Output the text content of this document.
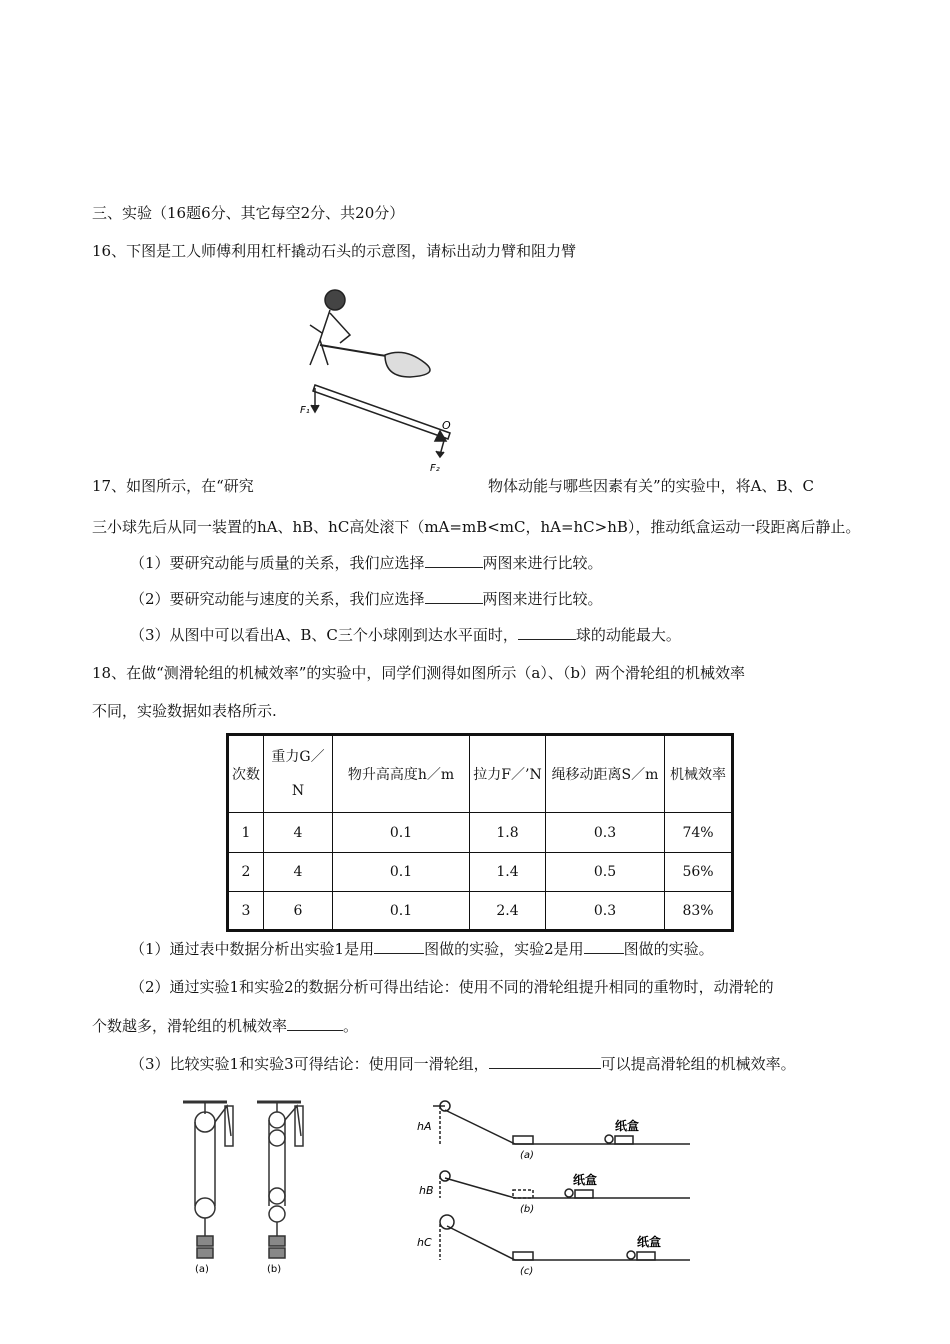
三、实验（16题6分、其它每空2分、共20分）
16、下图是工人师傅利用杠杆撬动石头的示意图，请标出动力臂和阻力臂
F₁
O
F₂
17、如图所示，在“研究	物体动能与哪些因素有关”的实验中，将A、B、C
三小球先后从同一装置的hA、hB、hC高处滚下（mA=mB<mC，hA=hC>hB），推动纸盒运动一段距离后静止。
（1）要研究动能与质量的关系，我们应选择	两图来进行比较。
（2）要研究动能与速度的关系，我们应选择	两图来进行比较。
（3）从图中可以看出A、B、C三个小球刚到达水平面时，	球的动能最大。
18、在做“测滑轮组的机械效率”的实验中，同学们测得如图所示（a）、（b）两个滑轮组的机械效率
不同，实验数据如表格所示.
次数	重力G／N	物升高高度h／m	拉力F／’N	绳移动距离S／m	机械效率
1	4	0.1	1.8	0.3	74%
2	4	0.1	1.4	0.5	56%
3	6	0.1	2.4	0.3	83%
（1）通过表中数据分析出实验1是用	图做的实验，实验2是用	图做的实验。
（2）通过实验1和实验2的数据分析可得出结论：使用不同的滑轮组提升相同的重物时，动滑轮的
个数越多，滑轮组的机械效率	。
（3）比较实验1和实验3可得结论：使用同一滑轮组，	可以提高滑轮组的机械效率。
(a)	(b)
hA	纸盒
(a)
hB
纸盒
(b)
hC	纸盒
(c)
